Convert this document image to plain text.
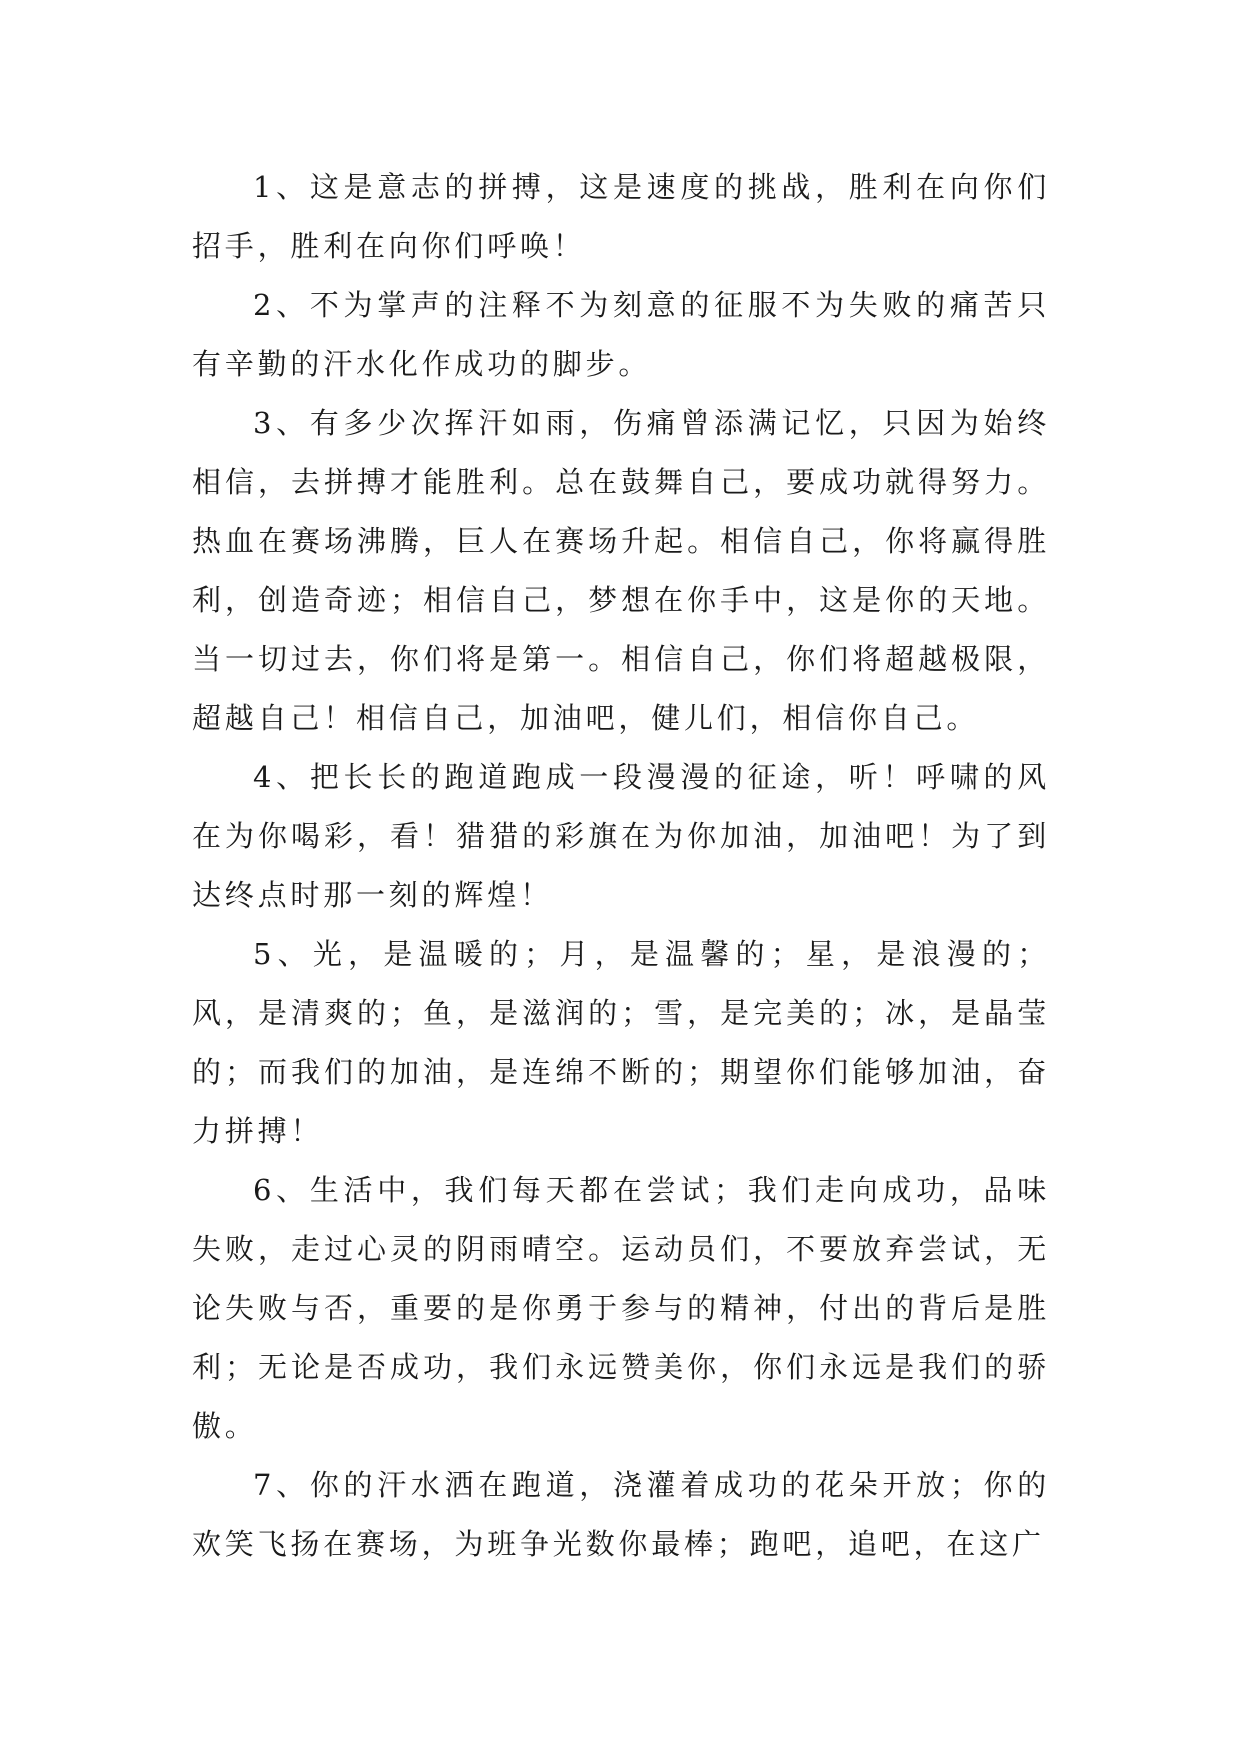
1、这是意志的拼搏，这是速度的挑战，胜利在向你们招手，胜利在向你们呼唤！

2、不为掌声的注释不为刻意的征服不为失败的痛苦只有辛勤的汗水化作成功的脚步。

3、有多少次挥汗如雨，伤痛曾添满记忆，只因为始终相信，去拼搏才能胜利。总在鼓舞自己，要成功就得努力。热血在赛场沸腾，巨人在赛场升起。相信自己，你将赢得胜利，创造奇迹；相信自己，梦想在你手中，这是你的天地。当一切过去，你们将是第一。相信自己，你们将超越极限，超越自己！相信自己，加油吧，健儿们，相信你自己。

4、把长长的跑道跑成一段漫漫的征途，听！呼啸的风在为你喝彩，看！猎猎的彩旗在为你加油，加油吧！为了到达终点时那一刻的辉煌！

5、光，是温暖的；月，是温馨的；星，是浪漫的；风，是清爽的；鱼，是滋润的；雪，是完美的；冰，是晶莹的；而我们的加油，是连绵不断的；期望你们能够加油，奋力拼搏！

6、生活中，我们每天都在尝试；我们走向成功，品味失败，走过心灵的阴雨晴空。运动员们，不要放弃尝试，无论失败与否，重要的是你勇于参与的精神，付出的背后是胜利；无论是否成功，我们永远赞美你，你们永远是我们的骄傲。

7、你的汗水洒在跑道，浇灌着成功的花朵开放；你的欢笑飞扬在赛场，为班争光数你最棒；跑吧，追吧，在这广
